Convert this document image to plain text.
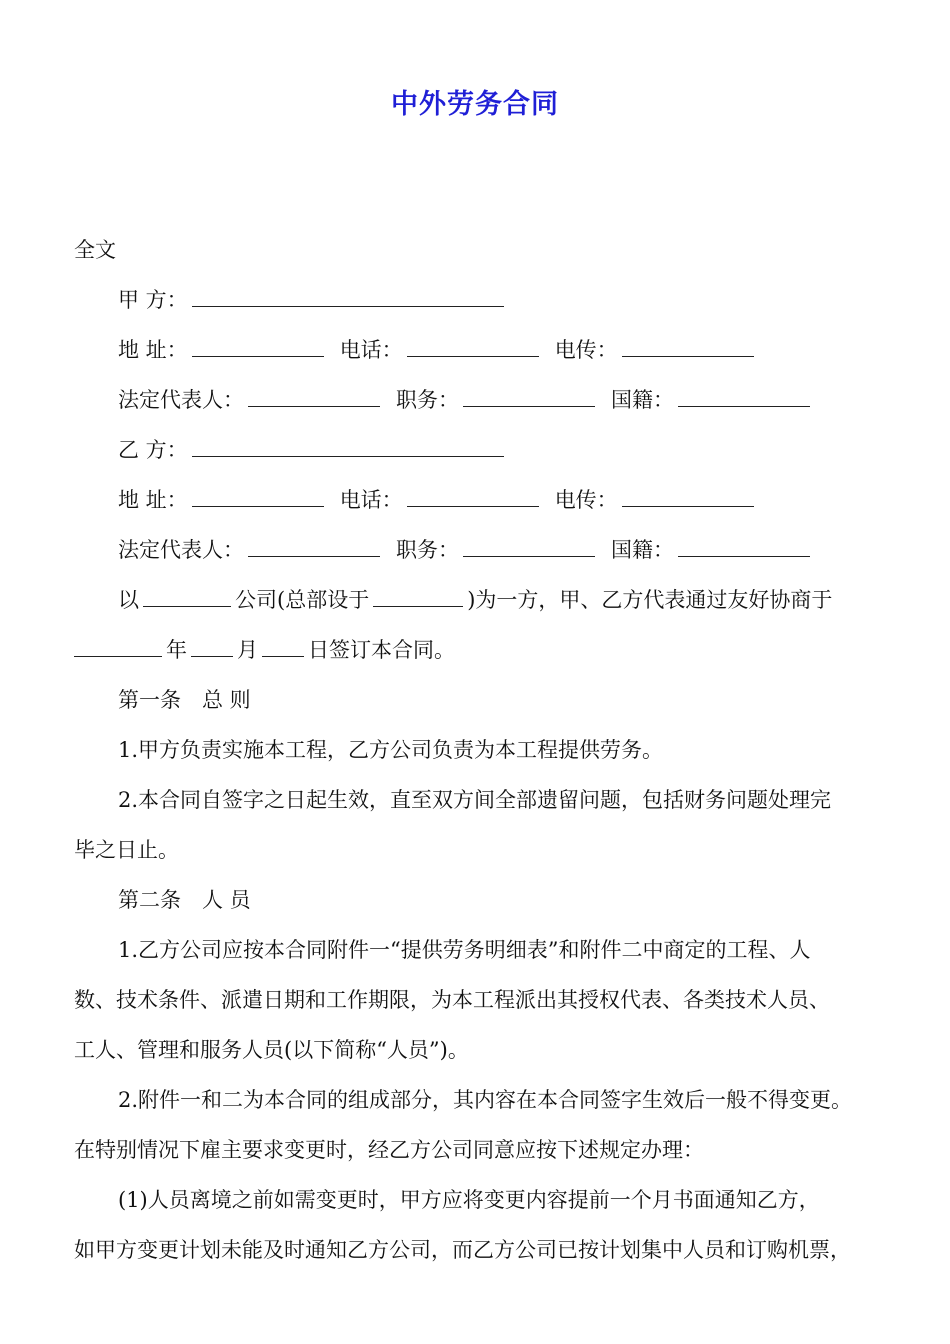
中外劳务合同
全文
甲 方：
地 址：	电话：	电传：
法定代表人：	职务：	国籍：
乙 方：
地 址：	电话：	电传：
法定代表人：	职务：	国籍：
以	公司(总部设于	)为一方，甲、乙方代表通过友好协商于
年 月 日签订本合同。
第一条　总 则
1.甲方负责实施本工程，乙方公司负责为本工程提供劳务。
2.本合同自签字之日起生效，直至双方间全部遗留问题，包括财务问题处理完
毕之日止。
第二条　人 员
1.乙方公司应按本合同附件一“提供劳务明细表”和附件二中商定的工程、人
数、技术条件、派遣日期和工作期限，为本工程派出其授权代表、各类技术人员、
工人、管理和服务人员(以下简称“人员”)。
2.附件一和二为本合同的组成部分，其内容在本合同签字生效后一般不得变更。
在特别情况下雇主要求变更时，经乙方公司同意应按下述规定办理：
(1)人员离境之前如需变更时，甲方应将变更内容提前一个月书面通知乙方，
如甲方变更计划未能及时通知乙方公司，而乙方公司已按计划集中人员和订购机票，
